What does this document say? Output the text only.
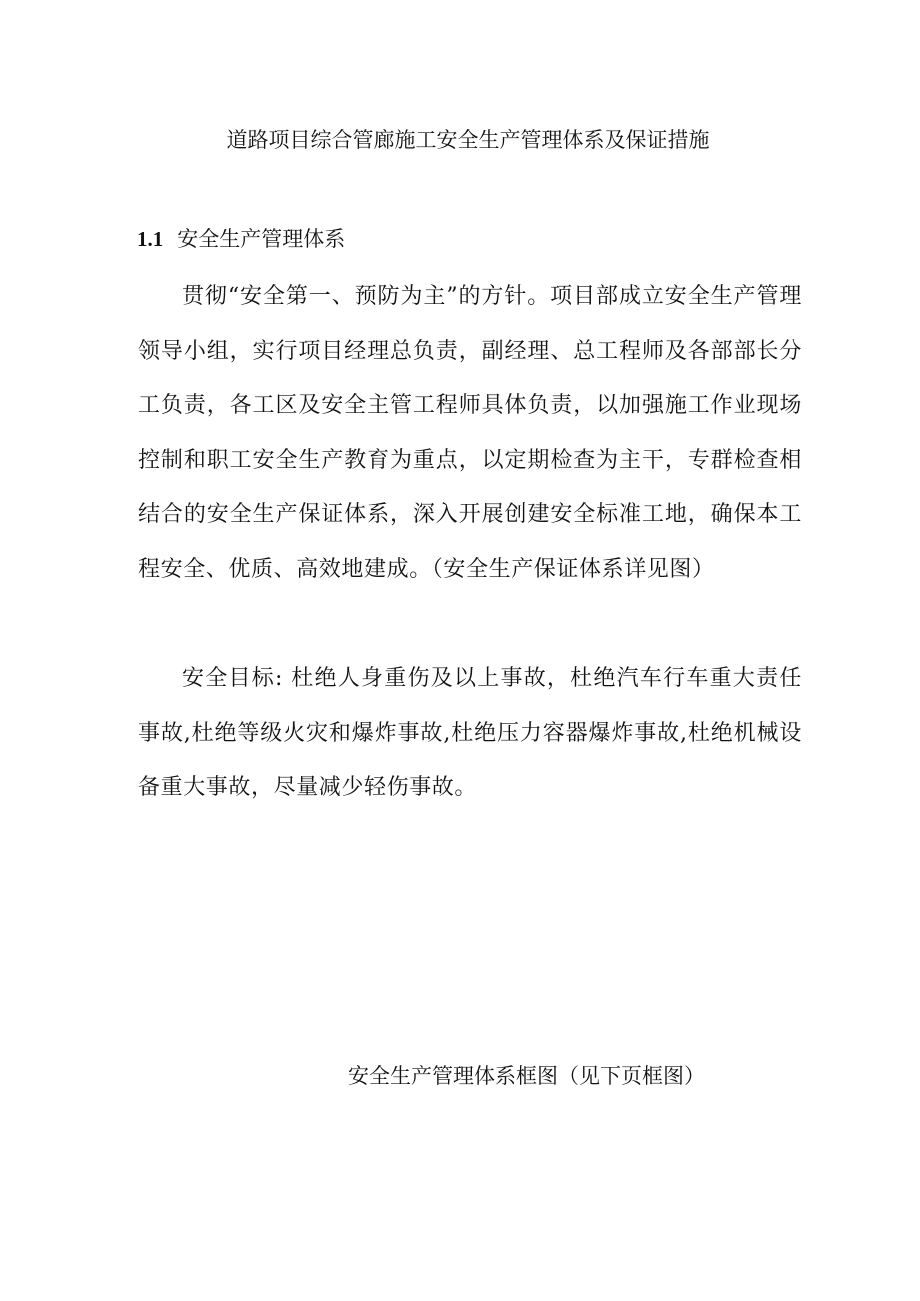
道路项目综合管廊施工安全生产管理体系及保证措施
1.1 安全生产管理体系

贯彻“安全第一、预防为主”的方针。项目部成立安全生产管理领导小组，实行项目经理总负责，副经理、总工程师及各部部长分工负责，各工区及安全主管工程师具体负责，以加强施工作业现场控制和职工安全生产教育为重点，以定期检查为主干，专群检查相结合的安全生产保证体系，深入开展创建安全标准工地，确保本工程安全、优质、高效地建成。（安全生产保证体系详见图）

安全目标: 杜绝人身重伤及以上事故，杜绝汽车行车重大责任事故,杜绝等级火灾和爆炸事故,杜绝压力容器爆炸事故,杜绝机械设备重大事故，尽量减少轻伤事故。

安全生产管理体系框图（见下页框图）
